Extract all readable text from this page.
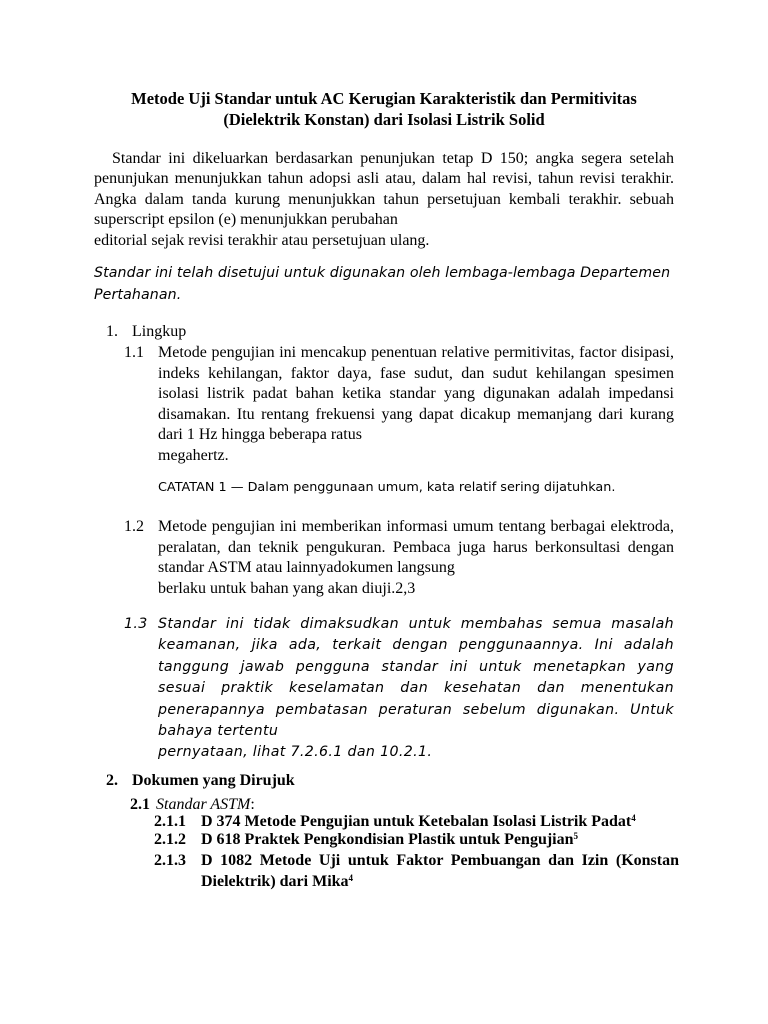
Metode Uji Standar untuk AC Kerugian Karakteristik dan Permitivitas
(Dielektrik Konstan) dari Isolasi Listrik Solid
Standar ini dikeluarkan berdasarkan penunjukan tetap D 150; angka segera setelah penunjukan menunjukkan tahun adopsi asli atau, dalam hal revisi, tahun revisi terakhir. Angka dalam tanda kurung menunjukkan tahun persetujuan kembali terakhir. sebuah superscript epsilon (e) menunjukkan perubahan
editorial sejak revisi terakhir atau persetujuan ulang.
Standar ini telah disetujui untuk digunakan oleh lembaga-lembaga Departemen Pertahanan.
1. Lingkup
1.1 Metode pengujian ini mencakup penentuan relative permitivitas, factor disipasi, indeks kehilangan, faktor daya, fase sudut, dan sudut kehilangan spesimen isolasi listrik padat bahan ketika standar yang digunakan adalah impedansi disamakan. Itu rentang frekuensi yang dapat dicakup memanjang dari kurang dari 1 Hz hingga beberapa ratus
megahertz.
CATATAN 1 — Dalam penggunaan umum, kata relatif sering dijatuhkan.
1.2 Metode pengujian ini memberikan informasi umum tentang berbagai elektroda, peralatan, dan teknik pengukuran. Pembaca juga harus berkonsultasi dengan standar ASTM atau lainnyadokumen langsung
berlaku untuk bahan yang akan diuji.2,3
1.3 Standar ini tidak dimaksudkan untuk membahas semua masalah keamanan, jika ada, terkait dengan penggunaannya. Ini adalah tanggung jawab pengguna standar ini untuk menetapkan yang sesuai praktik keselamatan dan kesehatan dan menentukan penerapannya pembatasan peraturan sebelum digunakan. Untuk bahaya tertentu
pernyataan, lihat 7.2.6.1 dan 10.2.1.
2. Dokumen yang Dirujuk
2.1 Standar ASTM:
2.1.1 D 374 Metode Pengujian untuk Ketebalan Isolasi Listrik Padat$^4$
2.1.2 D 618 Praktek Pengkondisian Plastik untuk Pengujian$^5$
2.1.3 D 1082 Metode Uji untuk Faktor Pembuangan dan Izin (Konstan Dielektrik) dari Mika$^4$
